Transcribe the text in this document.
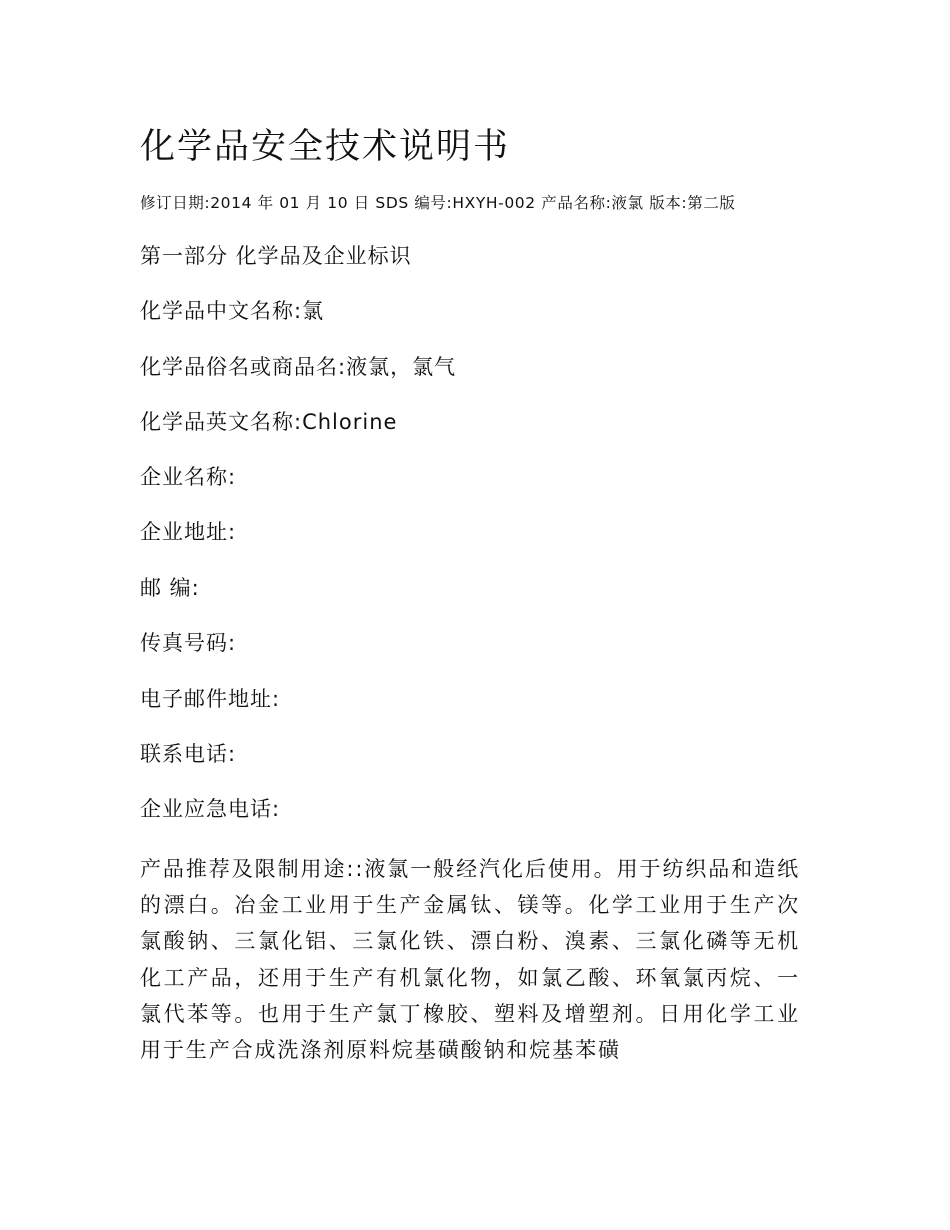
化学品安全技术说明书
修订日期:2014 年 01 月 10 日 SDS 编号:HXYH-002 产品名称:液氯 版本:第二版
第一部分 化学品及企业标识
化学品中文名称:氯
化学品俗名或商品名:液氯，氯气
化学品英文名称:Chlorine
企业名称:
企业地址:
邮 编:
传真号码:
电子邮件地址:
联系电话:
企业应急电话:
产品推荐及限制用途::液氯一般经汽化后使用。用于纺织品和造纸的漂白。冶金工业用于生产金属钛、镁等。化学工业用于生产次氯酸钠、三氯化铝、三氯化铁、漂白粉、溴素、三氯化磷等无机化工产品，还用于生产有机氯化物，如氯乙酸、环氧氯丙烷、一氯代苯等。也用于生产氯丁橡胶、塑料及增塑剂。日用化学工业用于生产合成洗涤剂原料烷基磺酸钠和烷基苯磺
